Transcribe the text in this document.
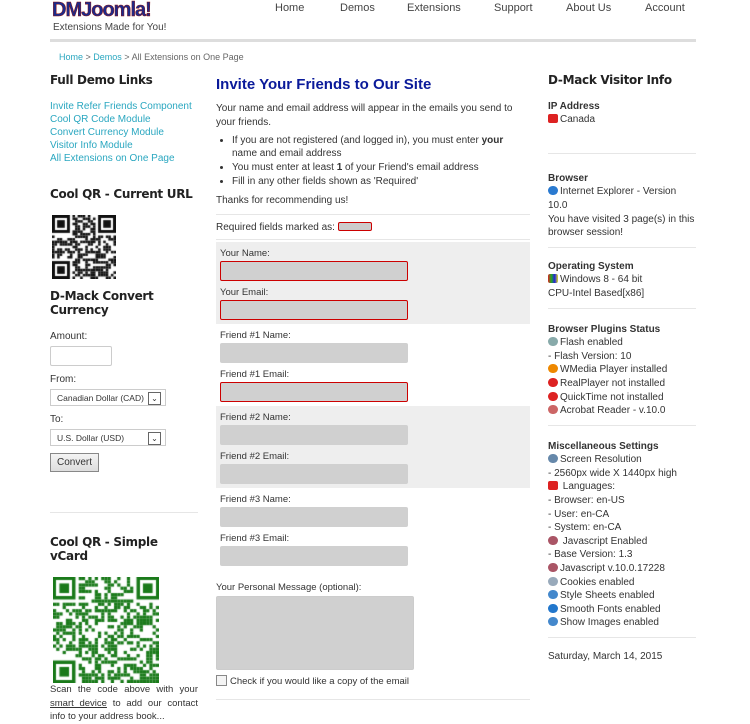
DMJoomla!
Extensions Made for You!
Home	Demos	Extensions	Support	About Us	Account
Home > Demos > All Extensions on One Page
Full Demo Links
Invite Refer Friends Component
Cool QR Code Module
Convert Currency Module
Visitor Info Module
All Extensions on One Page
Cool QR - Current URL
D-Mack Convert Currency
Amount:
From:
Canadian Dollar (CAD) ⌄
To:
U.S. Dollar (USD)	⌄
Convert
Cool QR - Simple vCard
Scan the code above with your smart device to add our contact info to your address book...
Invite Your Friends to Our Site
Your name and email address will appear in the emails you send to your friends.
• If you are not registered (and logged in), you must enter your name and email address
• You must enter at least 1 of your Friend's email address
• Fill in any other fields shown as 'Required'
Thanks for recommending us!
Required fields marked as:
Your Name:
Your Email:
Friend #1 Name:
Friend #1 Email:
Friend #2 Name:
Friend #2 Email:
Friend #3 Name:
Friend #3 Email:
Your Personal Message (optional):
Check if you would like a copy of the email
D-Mack Visitor Info
IP Address
Canada
Browser
Internet Explorer - Version 10.0
You have visited 3 page(s) in this browser session!
Operating System
Windows 8 - 64 bit
CPU-Intel Based[x86]
Browser Plugins Status
Flash enabled
- Flash Version: 10
WMedia Player installed
RealPlayer not installed
QuickTime not installed
Acrobat Reader - v.10.0
Miscellaneous Settings
Screen Resolution
- 2560px wide X 1440px high
Languages:
- Browser: en-US
- User: en-CA
- System: en-CA
Javascript Enabled
- Base Version: 1.3
Javascript v.10.0.17228
Cookies enabled
Style Sheets enabled
Smooth Fonts enabled
Show Images enabled
Saturday, March 14, 2015
